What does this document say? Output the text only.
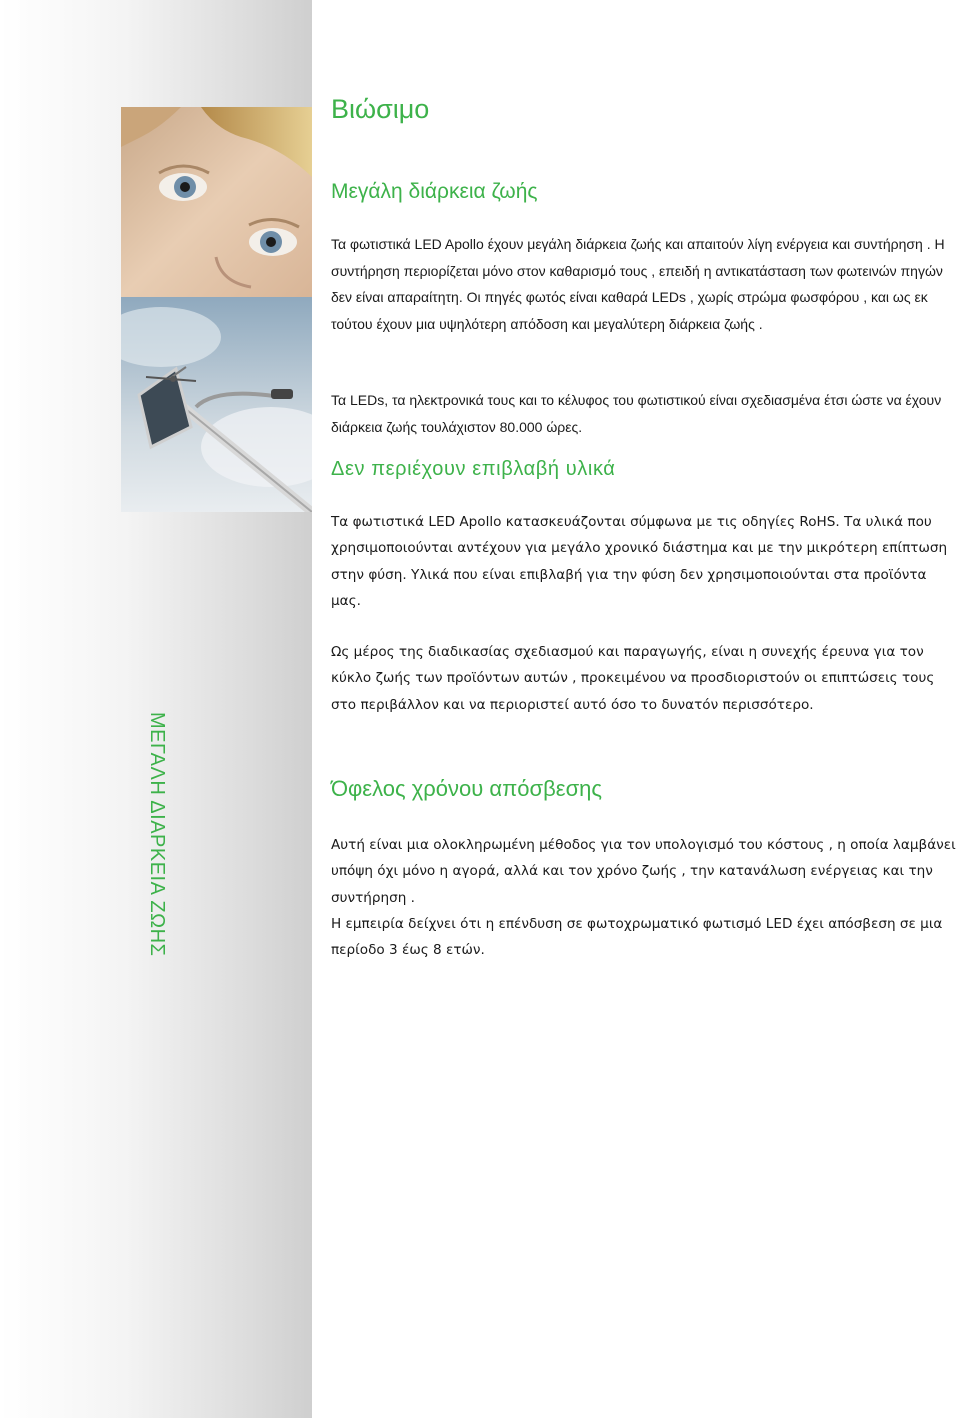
ΜΕΓΑΛΗ ΔΙΑΡΚΕΙΑ ΖΩΗΣ
Βιώσιμο
Μεγάλη διάρκεια ζωής

Τα φωτιστικά LED Apollo έχουν μεγάλη διάρκεια ζωής και απαιτούν λίγη ενέργεια και συντήρηση . Η συντήρηση περιορίζεται μόνο στον καθαρισμό τους , επειδή η αντικατάσταση των φωτεινών πηγών δεν είναι απαραίτητη. Οι πηγές φωτός είναι καθαρά LEDs , χωρίς στρώμα φωσφόρου , και ως εκ τούτου έχουν μια υψηλότερη απόδοση και μεγαλύτερη διάρκεια ζωής .

Τα LEDs, τα ηλεκτρονικά τους και το κέλυφος του φωτιστικού είναι σχεδιασμένα έτσι ώστε να έχουν διάρκεια ζωής τουλάχιστον 80.000 ώρες.

Δεν περιέχουν επιβλαβή υλικά

Τα φωτιστικά LED Apollo κατασκευάζονται σύμφωνα με τις οδηγίες RoHS. Τα υλικά που χρησιμοποιούνται αντέχουν για μεγάλο χρονικό διάστημα και με την μικρότερη επίπτωση στην φύση. Υλικά που είναι επιβλαβή για την φύση δεν χρησιμοποιούνται στα προϊόντα μας.

Ως μέρος της διαδικασίας σχεδιασμού και παραγωγής, είναι η συνεχής έρευνα για τον κύκλο ζωής των προϊόντων αυτών , προκειμένου να προσδιοριστούν οι επιπτώσεις τους στο περιβάλλον και να περιοριστεί αυτό όσο το δυνατόν περισσότερο.

Όφελος χρόνου απόσβεσης

Αυτή είναι μια ολοκληρωμένη μέθοδος για τον υπολογισμό του κόστους , η οποία λαμβάνει υπόψη όχι μόνο η αγορά, αλλά και τον χρόνο ζωής , την κατανάλωση ενέργειας και την συντήρηση .

Η εμπειρία δείχνει ότι η επένδυση σε φωτοχρωματικό φωτισμό LED έχει απόσβεση σε μια περίοδο 3 έως 8 ετών.
